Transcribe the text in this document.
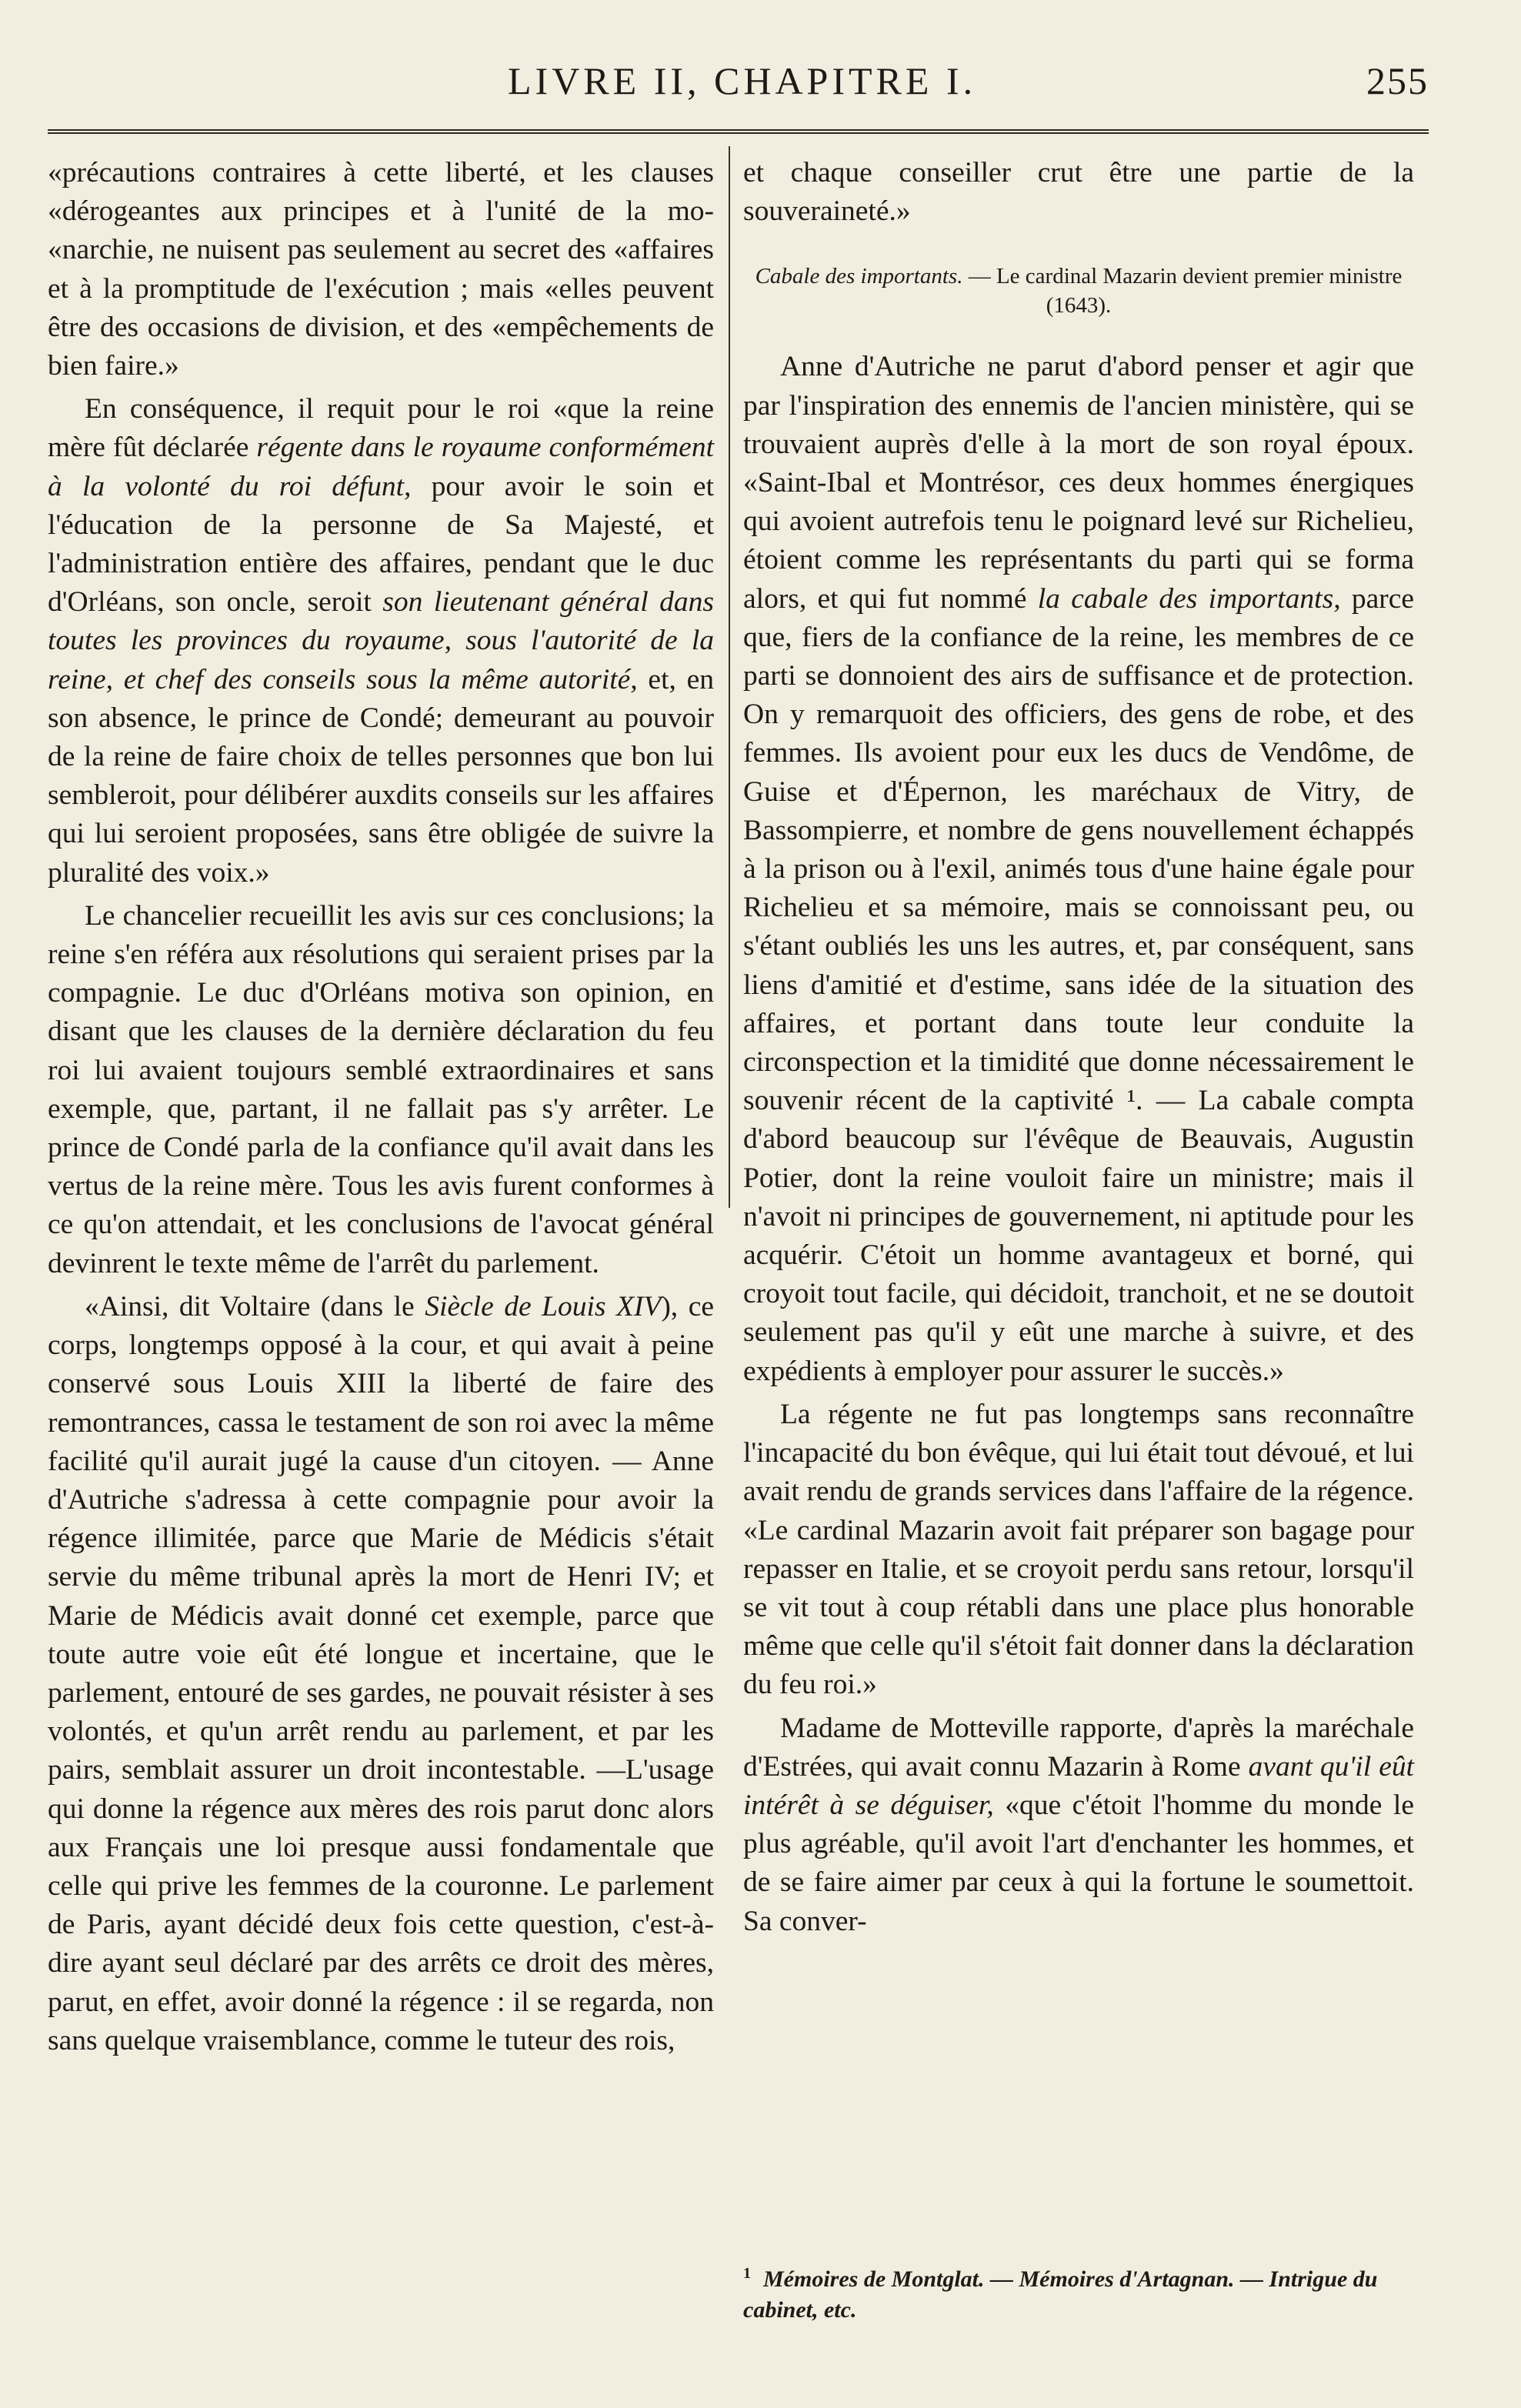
LIVRE II, CHAPITRE I.	255

«précautions contraires à cette liberté, et les clauses «dérogeantes aux principes et à l'unité de la mo- «narchie, ne nuisent pas seulement au secret des «affaires et à la promptitude de l'exécution ; mais «elles peuvent être des occasions de division, et des «empêchements de bien faire.»

En conséquence, il requit pour le roi «que la reine mère fût déclarée régente dans le royaume conformément à la volonté du roi défunt, pour avoir le soin et l'éducation de la personne de Sa Majesté, et l'administration entière des affaires, pendant que le duc d'Orléans, son oncle, seroit son lieutenant général dans toutes les provinces du royaume, sous l'autorité de la reine, et chef des conseils sous la même autorité, et, en son absence, le prince de Condé; demeurant au pouvoir de la reine de faire choix de telles personnes que bon lui sembleroit, pour délibérer auxdits conseils sur les affaires qui lui seroient proposées, sans être obligée de suivre la pluralité des voix.»

Le chancelier recueillit les avis sur ces conclusions; la reine s'en référa aux résolutions qui seraient prises par la compagnie. Le duc d'Orléans motiva son opinion, en disant que les clauses de la dernière déclaration du feu roi lui avaient toujours semblé extraordinaires et sans exemple, que, partant, il ne fallait pas s'y arrêter. Le prince de Condé parla de la confiance qu'il avait dans les vertus de la reine mère. Tous les avis furent conformes à ce qu'on attendait, et les conclusions de l'avocat général devinrent le texte même de l'arrêt du parlement.

«Ainsi, dit Voltaire (dans le Siècle de Louis XIV), ce corps, longtemps opposé à la cour, et qui avait à peine conservé sous Louis XIII la liberté de faire des remontrances, cassa le testament de son roi avec la même facilité qu'il aurait jugé la cause d'un citoyen. — Anne d'Autriche s'adressa à cette compagnie pour avoir la régence illimitée, parce que Marie de Médicis s'était servie du même tribunal après la mort de Henri IV; et Marie de Médicis avait donné cet exemple, parce que toute autre voie eût été longue et incertaine, que le parlement, entouré de ses gardes, ne pouvait résister à ses volontés, et qu'un arrêt rendu au parlement, et par les pairs, semblait assurer un droit incontestable. —L'usage qui donne la régence aux mères des rois parut donc alors aux Français une loi presque aussi fondamentale que celle qui prive les femmes de la couronne. Le parlement de Paris, ayant décidé deux fois cette question, c'est-à-dire ayant seul déclaré par des arrêts ce droit des mères, parut, en effet, avoir donné la régence : il se regarda, non sans quelque vraisemblance, comme le tuteur des rois,

et chaque conseiller crut être une partie de la souveraineté.»

Cabale des importants. — Le cardinal Mazarin devient premier ministre (1643).

Anne d'Autriche ne parut d'abord penser et agir que par l'inspiration des ennemis de l'ancien ministère, qui se trouvaient auprès d'elle à la mort de son royal époux. «Saint-Ibal et Montrésor, ces deux hommes énergiques qui avoient autrefois tenu le poignard levé sur Richelieu, étoient comme les représentants du parti qui se forma alors, et qui fut nommé la cabale des importants, parce que, fiers de la confiance de la reine, les membres de ce parti se donnoient des airs de suffisance et de protection. On y remarquoit des officiers, des gens de robe, et des femmes. Ils avoient pour eux les ducs de Vendôme, de Guise et d'Épernon, les maréchaux de Vitry, de Bassompierre, et nombre de gens nouvellement échappés à la prison ou à l'exil, animés tous d'une haine égale pour Richelieu et sa mémoire, mais se connoissant peu, ou s'étant oubliés les uns les autres, et, par conséquent, sans liens d'amitié et d'estime, sans idée de la situation des affaires, et portant dans toute leur conduite la circonspection et la timidité que donne nécessairement le souvenir récent de la captivité ¹. — La cabale compta d'abord beaucoup sur l'évêque de Beauvais, Augustin Potier, dont la reine vouloit faire un ministre; mais il n'avoit ni principes de gouvernement, ni aptitude pour les acquérir. C'étoit un homme avantageux et borné, qui croyoit tout facile, qui décidoit, tranchoit, et ne se doutoit seulement pas qu'il y eût une marche à suivre, et des expédients à employer pour assurer le succès.»

La régente ne fut pas longtemps sans reconnaître l'incapacité du bon évêque, qui lui était tout dévoué, et lui avait rendu de grands services dans l'affaire de la régence. «Le cardinal Mazarin avoit fait préparer son bagage pour repasser en Italie, et se croyoit perdu sans retour, lorsqu'il se vit tout à coup rétabli dans une place plus honorable même que celle qu'il s'étoit fait donner dans la déclaration du feu roi.»

Madame de Motteville rapporte, d'après la maréchale d'Estrées, qui avait connu Mazarin à Rome avant qu'il eût intérêt à se déguiser, «que c'étoit l'homme du monde le plus agréable, qu'il avoit l'art d'enchanter les hommes, et de se faire aimer par ceux à qui la fortune le soumettoit. Sa conver-

$^1$ Mémoires de Montglat. — Mémoires d'Artagnan. — Intrigue du cabinet, etc.
